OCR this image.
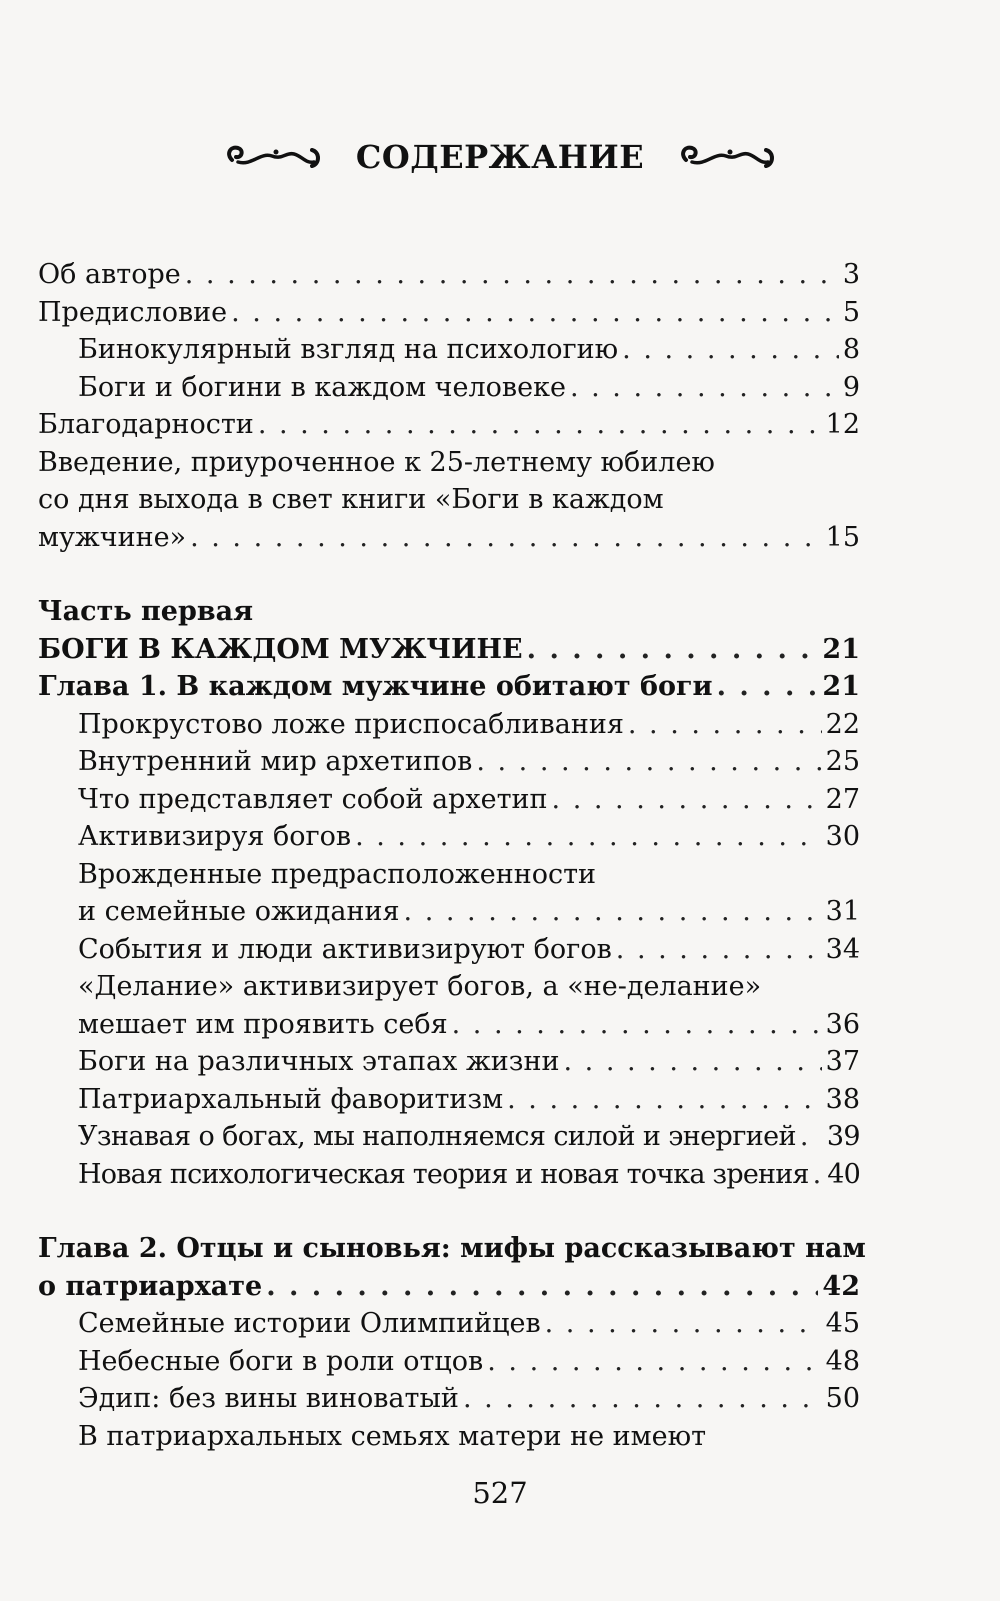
СОДЕРЖАНИЕ
Об авторе . . .	3
Предисловие . . .	5
Бинокулярный взгляд на психологию . . .	8
Боги и богини в каждом человеке . . .	9
Благодарности . . .	12
Введение, приуроченное к 25-летнему юбилею
со дня выхода в свет книги «Боги в каждом
мужчине» . . .	15
Часть первая
БОГИ В КАЖДОМ МУЖЧИНЕ . . .	21
Глава 1. В каждом мужчине обитают боги . . .	21
Прокрустово ложе приспосабливания . . .	22
Внутренний мир архетипов . . .	25
Что представляет собой архетип . . .	27
Активизируя богов . . .	30
Врожденные предрасположенности
и семейные ожидания . . .	31
События и люди активизируют богов . . .	34
«Делание» активизирует богов, а «не-делание»
мешает им проявить себя . . .	36
Боги на различных этапах жизни . . .	37
Патриархальный фаворитизм . . .	38
Узнавая о богах, мы наполняемся силой и энергией . . . 39
Новая психологическая теория и новая точка зрения . . . 40
Глава 2. Отцы и сыновья: мифы рассказывают нам
о патриархате . . .	42
Семейные истории Олимпийцев . . .	45
Небесные боги в роли отцов . . .	48
Эдип: без вины виноватый . . .	50
В патриархальных семьях матери не имеют
527
